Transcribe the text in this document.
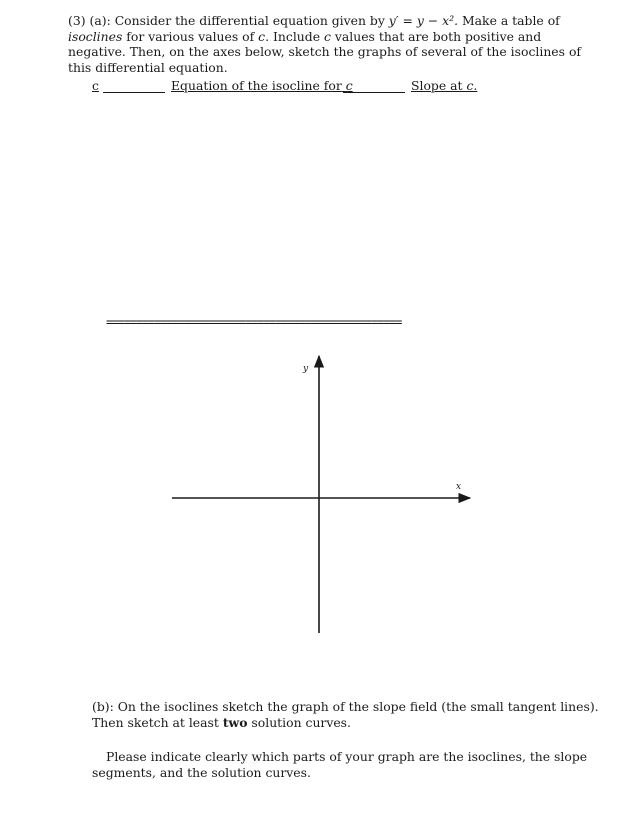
(3) (a): Consider the differential equation given by y′ = y − x². Make a table of isoclines for various values of c. Include c values that are both positive and negative. Then, on the axes below, sketch the graphs of several of the isoclines of this differential equation.
c	Equation of the isocline for c	Slope at c.
=================================================
y
x
(b): On the isoclines sketch the graph of the slope field (the small tangent lines). Then sketch at least two solution curves.
Please indicate clearly which parts of your graph are the isoclines, the slope segments, and the solution curves.
